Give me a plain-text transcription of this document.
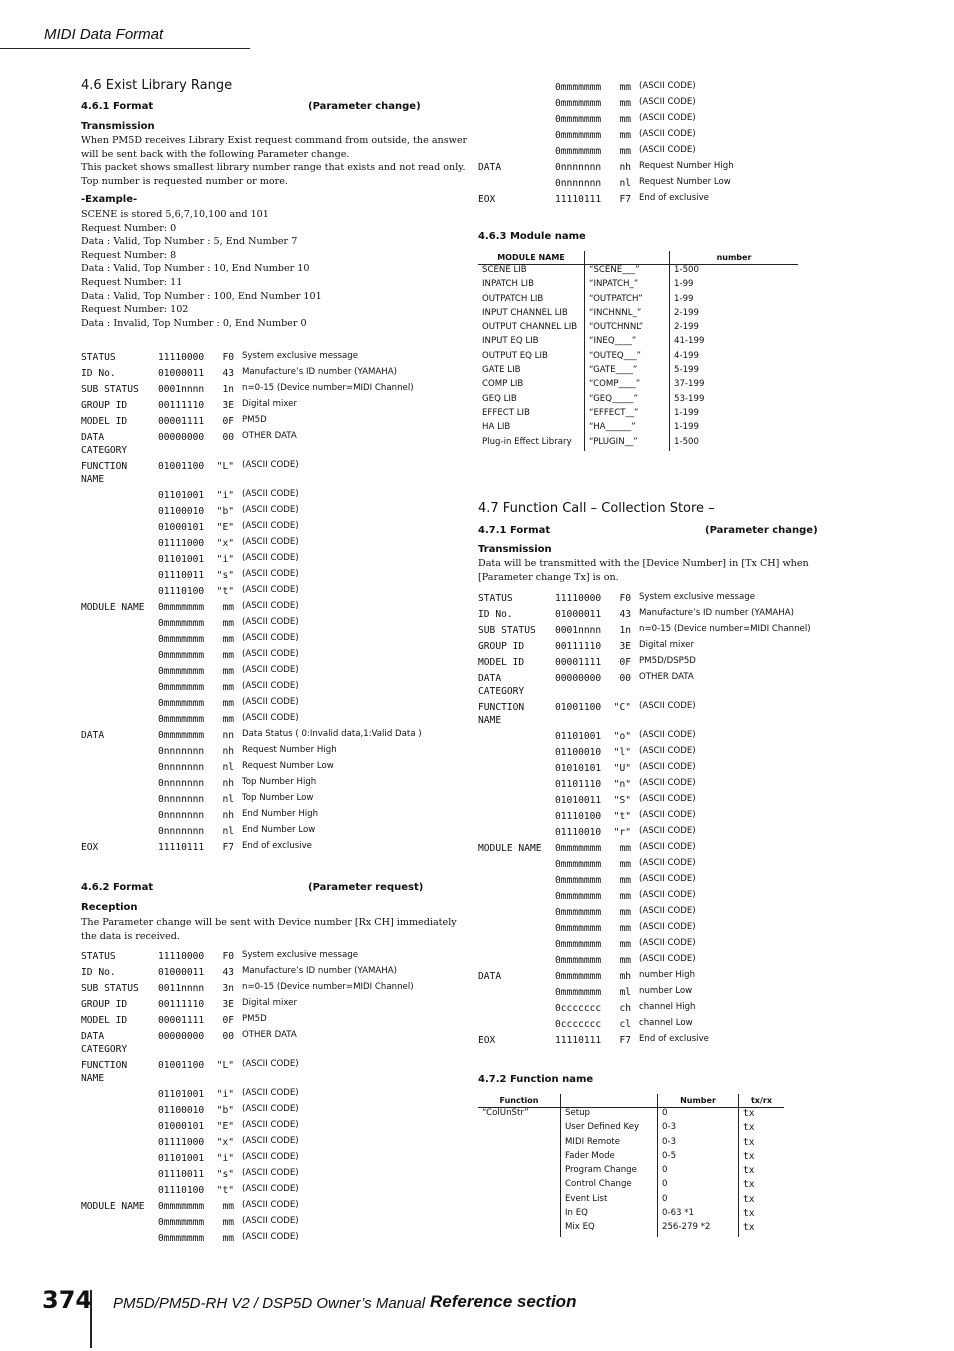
MIDI Data Format
4.6 Exist Library Range
4.6.1 Format	(Parameter change)
Transmission
When PM5D receives Library Exist request command from outside, the answer
will be sent back with the following Parameter change.
This packet shows smallest library number range that exists and not read only.
Top number is requested number or more.
-Example-
SCENE is stored 5,6,7,10,100 and 101
Request Number: 0
Data : Valid, Top Number : 5, End Number 7
Request Number: 8
Data : Valid, Top Number : 10, End Number 10
Request Number: 11
Data : Valid, Top Number : 100, End Number 101
Request Number: 102
Data : Invalid, Top Number : 0, End Number 0
STATUS	11110000	F0 System exclusive message
ID No.	01000011	43 Manufacture’s ID number (YAMAHA)
SUB STATUS 0001nnnn	1n n=0-15 (Device number=MIDI Channel)
GROUP ID	00111110	3E Digital mixer
MODEL ID	00001111	0F PM5D
DATA	00000000	00 OTHER DATA
CATEGORY
FUNCTION	01001100	"L" (ASCII CODE)
NAME
01101001	"i" (ASCII CODE)
01100010	"b" (ASCII CODE)
01000101	"E" (ASCII CODE)
01111000	"x" (ASCII CODE)
01101001	"i" (ASCII CODE)
01110011	"s" (ASCII CODE)
01110100	"t" (ASCII CODE)
MODULE NAME 0mmmmmmm	mm (ASCII CODE)
0mmmmmmm	mm (ASCII CODE)
0mmmmmmm	mm (ASCII CODE)
0mmmmmmm	mm (ASCII CODE)
0mmmmmmm	mm (ASCII CODE)
0mmmmmmm	mm (ASCII CODE)
0mmmmmmm	mm (ASCII CODE)
0mmmmmmm	mm (ASCII CODE)
DATA	0mmmmmmm	nn Data Status ( 0:Invalid data,1:Valid Data )
0nnnnnnn	nh Request Number High
0nnnnnnn	nl Request Number Low
0nnnnnnn	nh Top Number High
0nnnnnnn	nl Top Number Low
0nnnnnnn	nh End Number High
0nnnnnnn	nl End Number Low
EOX	11110111	F7 End of exclusive
4.6.2 Format	(Parameter request)
Reception
The Parameter change will be sent with Device number [Rx CH] immediately
the data is received.
STATUS	11110000	F0 System exclusive message
ID No.	01000011	43 Manufacture’s ID number (YAMAHA)
SUB STATUS 0011nnnn	3n n=0-15 (Device number=MIDI Channel)
GROUP ID	00111110	3E Digital mixer
MODEL ID	00001111	0F PM5D
DATA	00000000	00 OTHER DATA
CATEGORY
FUNCTION	01001100	"L" (ASCII CODE)
NAME
01101001	"i" (ASCII CODE)
01100010	"b" (ASCII CODE)
01000101	"E" (ASCII CODE)
01111000	"x" (ASCII CODE)
01101001	"i" (ASCII CODE)
01110011	"s" (ASCII CODE)
01110100	"t" (ASCII CODE)
MODULE NAME 0mmmmmmm	mm (ASCII CODE)
0mmmmmmm	mm (ASCII CODE)
0mmmmmmm	mm (ASCII CODE)
0mmmmmmm	mm (ASCII CODE)
0mmmmmmm	mm (ASCII CODE)
0mmmmmmm	mm (ASCII CODE)
0mmmmmmm	mm (ASCII CODE)
0mmmmmmm	mm (ASCII CODE)
DATA	0nnnnnnn	nh Request Number High
0nnnnnnn	nl Request Number Low
EOX	11110111	F7 End of exclusive
4.6.3 Module name
MODULE NAME		number
SCENE LIB	“SCENE___”	1-500
INPATCH LIB	“INPATCH_”	1-99
OUTPATCH LIB	“OUTPATCH”	1-99
INPUT CHANNEL LIB	“INCHNNL_”	2-199
OUTPUT CHANNEL LIB	“OUTCHNNL”	2-199
INPUT EQ LIB	“INEQ____”	41-199
OUTPUT EQ LIB	“OUTEQ___”	4-199
GATE LIB	“GATE____”	5-199
COMP LIB	“COMP____”	37-199
GEQ LIB	“GEQ_____”	53-199
EFFECT LIB	“EFFECT__”	1-199
HA LIB	“HA______”	1-199
Plug-in Effect Library	“PLUGIN__”	1-500
4.7 Function Call – Collection Store –
4.7.1 Format	(Parameter change)
Transmission
Data will be transmitted with the [Device Number] in [Tx CH] when
[Parameter change Tx] is on.
STATUS	11110000	F0 System exclusive message
ID No.	01000011	43 Manufacture’s ID number (YAMAHA)
SUB STATUS 0001nnnn	1n n=0-15 (Device number=MIDI Channel)
GROUP ID	00111110	3E Digital mixer
MODEL ID	00001111	0F PM5D/DSP5D
DATA	00000000	00 OTHER DATA
CATEGORY
FUNCTION	01001100	"C" (ASCII CODE)
NAME
01101001	"o" (ASCII CODE)
01100010	"l" (ASCII CODE)
01010101	"U" (ASCII CODE)
01101110	"n" (ASCII CODE)
01010011	"S" (ASCII CODE)
01110100	"t" (ASCII CODE)
01110010	"r" (ASCII CODE)
MODULE NAME 0mmmmmmm	mm (ASCII CODE)
0mmmmmmm	mm (ASCII CODE)
0mmmmmmm	mm (ASCII CODE)
0mmmmmmm	mm (ASCII CODE)
0mmmmmmm	mm (ASCII CODE)
0mmmmmmm	mm (ASCII CODE)
0mmmmmmm	mm (ASCII CODE)
0mmmmmmm	mm (ASCII CODE)
DATA	0mmmmmmm	mh number High
0mmmmmmm	ml number Low
0ccccccc	ch channel High
0ccccccc	cl channel Low
EOX	11110111	F7 End of exclusive
4.7.2 Function name
Function		Number	tx/rx
“ColUnStr”	Setup	0	tx
	User Defined Key	0-3	tx
	MIDI Remote	0-3	tx
	Fader Mode	0-5	tx
	Program Change	0	tx
	Control Change	0	tx
	Event List	0	tx
	In EQ	0-63 *1	tx
	Mix EQ	256-279 *2	tx
374 PM5D/PM5D-RH V2 / DSP5D Owner’s Manual Reference section
